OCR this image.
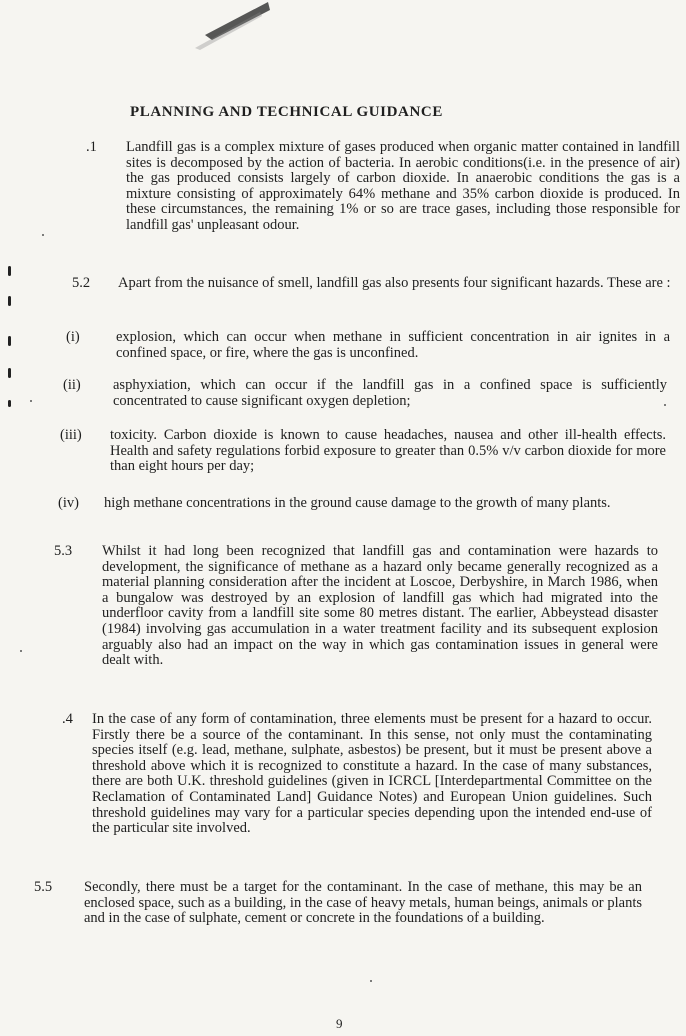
PLANNING AND TECHNICAL GUIDANCE
.1 Landfill gas is a complex mixture of gases produced when organic matter contained in landfill sites is decomposed by the action of bacteria. In aerobic conditions(i.e. in the presence of air) the gas produced consists largely of carbon dioxide. In anaerobic conditions the gas is a mixture consisting of approximately 64% methane and 35% carbon dioxide is produced. In these circumstances, the remaining 1% or so are trace gases, including those responsible for landfill gas' unpleasant odour.
5.2 Apart from the nuisance of smell, landfill gas also presents four significant hazards. These are :
(i)	explosion, which can occur when methane in sufficient concentration in air ignites in a confined space, or fire, where the gas is unconfined.
(ii) asphyxiation, which can occur if the landfill gas in a confined space is sufficiently concentrated to cause significant oxygen depletion;
(iii) toxicity. Carbon dioxide is known to cause headaches, nausea and other ill-health effects. Health and safety regulations forbid exposure to greater than 0.5% v/v carbon dioxide for more than eight hours per day;
(iv) high methane concentrations in the ground cause damage to the growth of many plants.
5.3 Whilst it had long been recognized that landfill gas and contamination were hazards to development, the significance of methane as a hazard only became generally recognized as a material planning consideration after the incident at Loscoe, Derbyshire, in March 1986, when a bungalow was destroyed by an explosion of landfill gas which had migrated into the underfloor cavity from a landfill site some 80 metres distant. The earlier, Abbeystead disaster (1984) involving gas accumulation in a water treatment facility and its subsequent explosion arguably also had an impact on the way in which gas contamination issues in general were dealt with.
.4 In the case of any form of contamination, three elements must be present for a hazard to occur. Firstly there be a source of the contaminant. In this sense, not only must the contaminating species itself (e.g. lead, methane, sulphate, asbestos) be present, but it must be present above a threshold above which it is recognized to constitute a hazard. In the case of many substances, there are both U.K. threshold guidelines (given in ICRCL [Interdepartmental Committee on the Reclamation of Contaminated Land] Guidance Notes) and European Union guidelines. Such threshold guidelines may vary for a particular species depending upon the intended end-use of the particular site involved.
5.5 Secondly, there must be a target for the contaminant. In the case of methane, this may be an enclosed space, such as a building, in the case of heavy metals, human beings, animals or plants and in the case of sulphate, cement or concrete in the foundations of a building.
9
